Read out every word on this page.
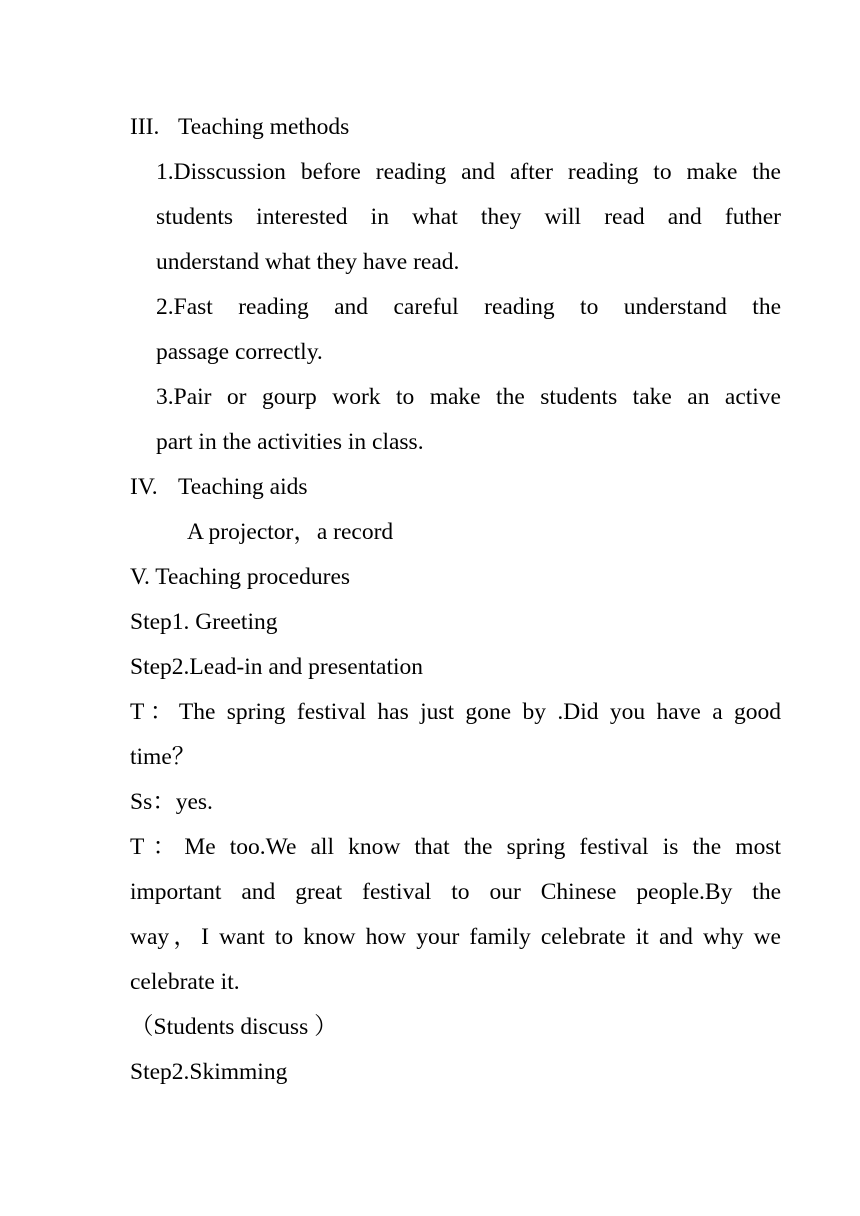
III. Teaching methods
1.Disscussion before reading and after reading to make the
students interested in what they will read and futher
understand what they have read.
2.Fast reading and careful reading to understand the
passage correctly.
3.Pair or gourp work to make the students take an active
part in the activities in class.
IV. Teaching aids
A projector，a record
V. Teaching procedures
Step1. Greeting
Step2.Lead-in and presentation
T：The spring festival has just gone by .Did you have a good
time？
Ss：yes.
T：Me too.We all know that the spring festival is the most
important and great festival to our Chinese people.By the
way，I want to know how your family celebrate it and why we
celebrate it.
（Students discuss ）
Step2.Skimming
